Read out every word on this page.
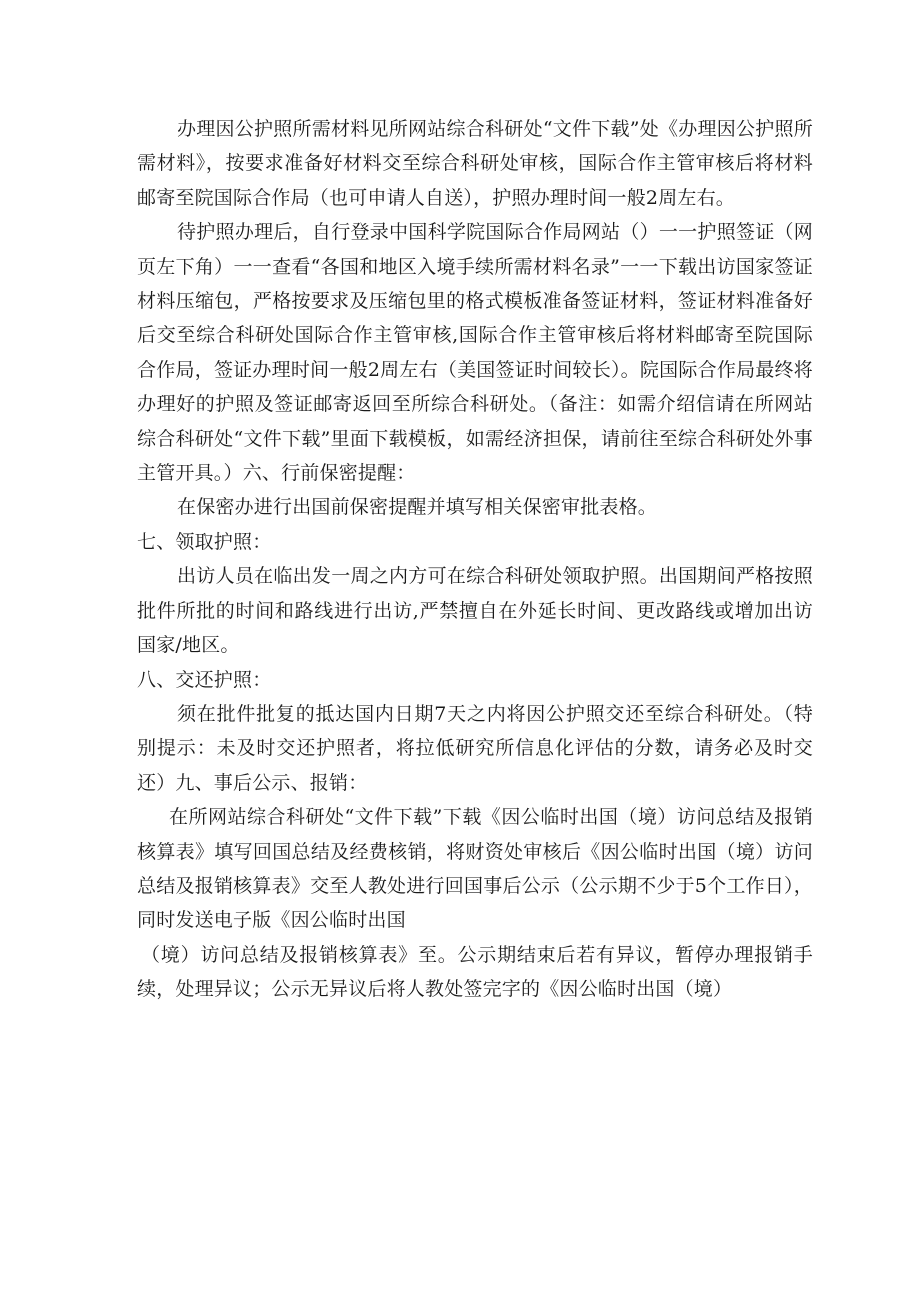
办理因公护照所需材料见所网站综合科研处“文件下载”处《办理因公护照所需材料》，按要求准备好材料交至综合科研处审核，国际合作主管审核后将材料邮寄至院国际合作局（也可申请人自送），护照办理时间一般2周左右。

待护照办理后，自行登录中国科学院国际合作局网站（）一一护照签证（网页左下角）一一查看“各国和地区入境手续所需材料名录”一一下载出访国家签证材料压缩包，严格按要求及压缩包里的格式模板准备签证材料，签证材料准备好后交至综合科研处国际合作主管审核,国际合作主管审核后将材料邮寄至院国际合作局，签证办理时间一般2周左右（美国签证时间较长）。院国际合作局最终将办理好的护照及签证邮寄返回至所综合科研处。（备注：如需介绍信请在所网站综合科研处“文件下载”里面下载模板，如需经济担保，请前往至综合科研处外事主管开具。）六、行前保密提醒：

在保密办进行出国前保密提醒并填写相关保密审批表格。

七、领取护照：

出访人员在临出发一周之内方可在综合科研处领取护照。出国期间严格按照批件所批的时间和路线进行出访,严禁擅自在外延长时间、更改路线或增加出访国家/地区。

八、交还护照：

须在批件批复的抵达国内日期7天之内将因公护照交还至综合科研处。（特别提示：未及时交还护照者，将拉低研究所信息化评估的分数，请务必及时交还）九、事后公示、报销：

在所网站综合科研处“文件下载”下载《因公临时出国（境）访问总结及报销核算表》填写回国总结及经费核销，将财资处审核后《因公临时出国（境）访问总结及报销核算表》交至人教处进行回国事后公示（公示期不少于5个工作日），同时发送电子版《因公临时出国

（境）访问总结及报销核算表》至。公示期结束后若有异议，暂停办理报销手续，处理异议；公示无异议后将人教处签完字的《因公临时出国（境）
